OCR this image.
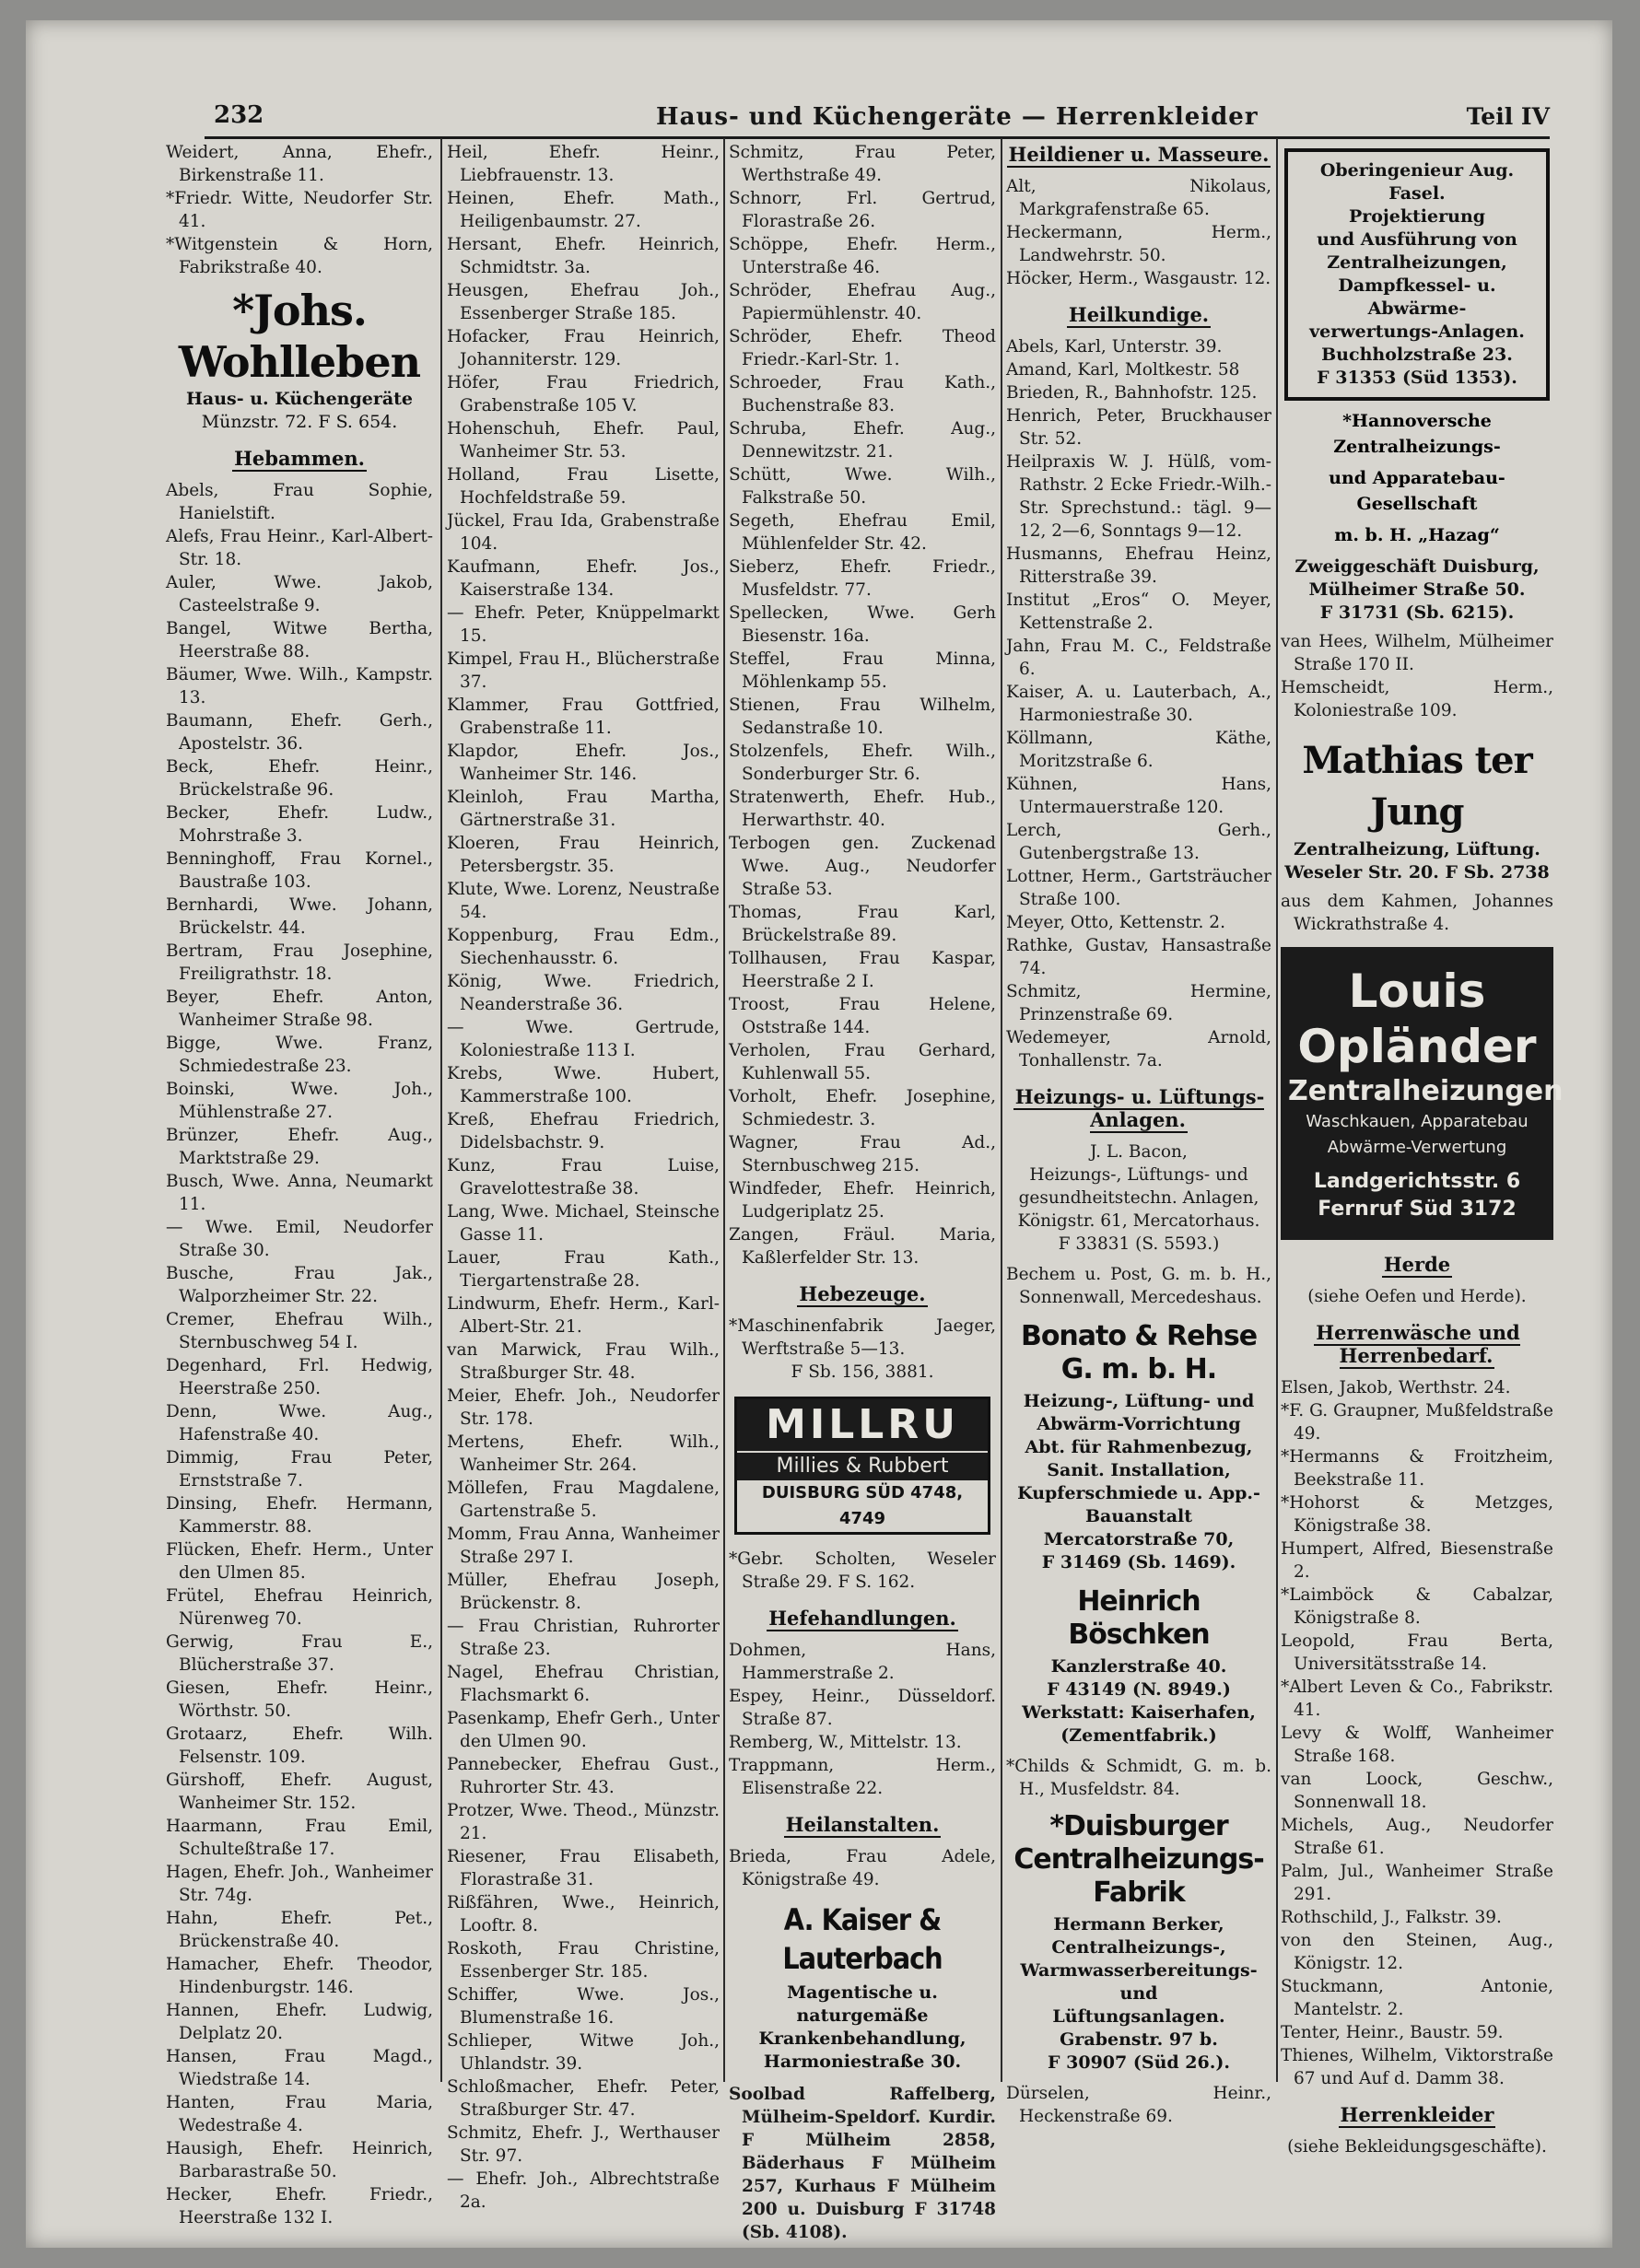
232	Haus- und Küchengeräte — Herrenkleider	Teil IV

Weidert, Anna, Ehefr., Birkenstraße 11.

*Friedr. Witte, Neudorfer Str. 41.

*Witgenstein & Horn, Fabrikstraße 40.

*Johs. Wohlleben

Haus- u. Küchengeräte

Münzstr. 72. F S. 654.

Hebammen.

Abels, Frau Sophie, Hanielstift.

Alefs, Frau Heinr., Karl-Albert-Str. 18.

Auler, Wwe. Jakob, Casteelstraße 9.

Bangel, Witwe Bertha, Heerstraße 88.

Bäumer, Wwe. Wilh., Kampstr. 13.

Baumann, Ehefr. Gerh., Apostelstr. 36.

Beck, Ehefr. Heinr., Brückelstraße 96.

Becker, Ehefr. Ludw., Mohrstraße 3.

Benninghoff, Frau Kornel., Baustraße 103.

Bernhardi, Wwe. Johann, Brückelstr. 44.

Bertram, Frau Josephine, Freiligrathstr. 18.

Beyer, Ehefr. Anton, Wanheimer Straße 98.

Bigge, Wwe. Franz, Schmiedestraße 23.

Boinski, Wwe. Joh., Mühlenstraße 27.

Brünzer, Ehefr. Aug., Marktstraße 29.

Busch, Wwe. Anna, Neumarkt 11.

— Wwe. Emil, Neudorfer Straße 30.

Busche, Frau Jak., Walporzheimer Str. 22.

Cremer, Ehefrau Wilh., Sternbuschweg 54 I.

Degenhard, Frl. Hedwig, Heerstraße 250.

Denn, Wwe. Aug., Hafenstraße 40.

Dimmig, Frau Peter, Ernststraße 7.

Dinsing, Ehefr. Hermann, Kammerstr. 88.

Flücken, Ehefr. Herm., Unter den Ulmen 85.

Frütel, Ehefrau Heinrich, Nürenweg 70.

Gerwig, Frau E., Blücherstraße 37.

Giesen, Ehefr. Heinr., Wörthstr. 50.

Grotaarz, Ehefr. Wilh. Felsenstr. 109.

Gürshoff, Ehefr. August, Wanheimer Str. 152.

Haarmann, Frau Emil, Schulteßtraße 17.

Hagen, Ehefr. Joh., Wanheimer Str. 74g.

Hahn, Ehefr. Pet., Brückenstraße 40.

Hamacher, Ehefr. Theodor, Hindenburgstr. 146.

Hannen, Ehefr. Ludwig, Delplatz 20.

Hansen, Frau Magd., Wiedstraße 14.

Hanten, Frau Maria, Wedestraße 4.

Hausigh, Ehefr. Heinrich, Barbarastraße 50.

Hecker, Ehefr. Friedr., Heerstraße 132 I.

Heil, Ehefr. Heinr., Liebfrauenstr. 13.

Heinen, Ehefr. Math., Heiligenbaumstr. 27.

Hersant, Ehefr. Heinrich, Schmidtstr. 3a.

Heusgen, Ehefrau Joh., Essenberger Straße 185.

Hofacker, Frau Heinrich, Johanniterstr. 129.

Höfer, Frau Friedrich, Grabenstraße 105 V.

Hohenschuh, Ehefr. Paul, Wanheimer Str. 53.

Holland, Frau Lisette, Hochfeldstraße 59.

Jückel, Frau Ida, Grabenstraße 104.

Kaufmann, Ehefr. Jos., Kaiserstraße 134.

— Ehefr. Peter, Knüppelmarkt 15.

Kimpel, Frau H., Blücherstraße 37.

Klammer, Frau Gottfried, Grabenstraße 11.

Klapdor, Ehefr. Jos., Wanheimer Str. 146.

Kleinloh, Frau Martha, Gärtnerstraße 31.

Kloeren, Frau Heinrich, Petersbergstr. 35.

Klute, Wwe. Lorenz, Neustraße 54.

Koppenburg, Frau Edm., Siechenhausstr. 6.

König, Wwe. Friedrich, Neanderstraße 36.

— Wwe. Gertrude, Koloniestraße 113 I.

Krebs, Wwe. Hubert, Kammerstraße 100.

Kreß, Ehefrau Friedrich, Didelsbachstr. 9.

Kunz, Frau Luise, Gravelottestraße 38.

Lang, Wwe. Michael, Steinsche Gasse 11.

Lauer, Frau Kath., Tiergartenstraße 28.

Lindwurm, Ehefr. Herm., Karl-Albert-Str. 21.

van Marwick, Frau Wilh., Straßburger Str. 48.

Meier, Ehefr. Joh., Neudorfer Str. 178.

Mertens, Ehefr. Wilh., Wanheimer Str. 264.

Möllefen, Frau Magdalene, Gartenstraße 5.

Momm, Frau Anna, Wanheimer Straße 297 I.

Müller, Ehefrau Joseph, Brückenstr. 8.

— Frau Christian, Ruhrorter Straße 23.

Nagel, Ehefrau Christian, Flachsmarkt 6.

Pasenkamp, Ehefr Gerh., Unter den Ulmen 90.

Pannebecker, Ehefrau Gust., Ruhrorter Str. 43.

Protzer, Wwe. Theod., Münzstr. 21.

Riesener, Frau Elisabeth, Florastraße 31.

Rißfähren, Wwe., Heinrich, Looftr. 8.

Roskoth, Frau Christine, Essenberger Str. 185.

Schiffer, Wwe. Jos., Blumenstraße 16.

Schlieper, Witwe Joh., Uhlandstr. 39.

Schloßmacher, Ehefr. Peter, Straßburger Str. 47.

Schmitz, Ehefr. J., Werthauser Str. 97.

— Ehefr. Joh., Albrechtstraße 2a.

Schmitz, Frau Peter, Werthstraße 49.

Schnorr, Frl. Gertrud, Florastraße 26.

Schöppe, Ehefr. Herm., Unterstraße 46.

Schröder, Ehefrau Aug., Papiermühlenstr. 40.

Schröder, Ehefr. Theod Friedr.-Karl-Str. 1.

Schroeder, Frau Kath., Buchenstraße 83.

Schruba, Ehefr. Aug., Dennewitzstr. 21.

Schütt, Wwe. Wilh., Falkstraße 50.

Segeth, Ehefrau Emil, Mühlenfelder Str. 42.

Sieberz, Ehefr. Friedr., Musfeldstr. 77.

Spellecken, Wwe. Gerh Biesenstr. 16a.

Steffel, Frau Minna, Möhlenkamp 55.

Stienen, Frau Wilhelm, Sedanstraße 10.

Stolzenfels, Ehefr. Wilh., Sonderburger Str. 6.

Stratenwerth, Ehefr. Hub., Herwarthstr. 40.

Terbogen gen. Zuckenad Wwe. Aug., Neudorfer Straße 53.

Thomas, Frau Karl, Brückelstraße 89.

Tollhausen, Frau Kaspar, Heerstraße 2 I.

Troost, Frau Helene, Oststraße 144.

Verholen, Frau Gerhard, Kuhlenwall 55.

Vorholt, Ehefr. Josephine, Schmiedestr. 3.

Wagner, Frau Ad., Sternbuschweg 215.

Windfeder, Ehefr. Heinrich, Ludgeriplatz 25.

Zangen, Fräul. Maria, Kaßlerfelder Str. 13.

Hebezeuge.

*Maschinenfabrik Jaeger, Werftstraße 5—13.

F Sb. 156, 3881.

MILLRU
Millies & Rubbert
DUISBURG SÜD 4748, 4749

*Gebr. Scholten, Weseler Straße 29. F S. 162.

Hefehandlungen.

Dohmen, Hans, Hammerstraße 2.

Espey, Heinr., Düsseldorf. Straße 87.

Remberg, W., Mittelstr. 13.

Trappmann, Herm., Elisenstraße 22.

Heilanstalten.

Brieda, Frau Adele, Königstraße 49.

A. Kaiser & Lauterbach

Magentische u. naturgemäße

Krankenbehandlung,

Harmoniestraße 30.

Soolbad Raffelberg, Mülheim-Speldorf. Kurdir. F Mülheim 2858, Bäderhaus F Mülheim 257, Kurhaus F Mülheim 200 u. Duisburg F 31748 (Sb. 4108).

Heildiener u. Masseure.

Alt, Nikolaus, Markgrafenstraße 65.

Heckermann, Herm., Landwehrstr. 50.

Höcker, Herm., Wasgaustr. 12.

Heilkundige.

Abels, Karl, Unterstr. 39.

Amand, Karl, Moltkestr. 58

Brieden, R., Bahnhofstr. 125.

Henrich, Peter, Bruckhauser Str. 52.

Heilpraxis W. J. Hülß, vom-Rathstr. 2 Ecke Friedr.-Wilh.-Str. Sprechstund.: tägl. 9—12, 2—6, Sonntags 9—12.

Husmanns, Ehefrau Heinz, Ritterstraße 39.

Institut „Eros“ O. Meyer, Kettenstraße 2.

Jahn, Frau M. C., Feldstraße 6.

Kaiser, A. u. Lauterbach, A., Harmoniestraße 30.

Köllmann, Käthe, Moritzstraße 6.

Kühnen, Hans, Untermauerstraße 120.

Lerch, Gerh., Gutenbergstraße 13.

Lottner, Herm., Gartsträucher Straße 100.

Meyer, Otto, Kettenstr. 2.

Rathke, Gustav, Hansastraße 74.

Schmitz, Hermine, Prinzenstraße 69.

Wedemeyer, Arnold, Tonhallenstr. 7a.

Heizungs- u. Lüftungs-Anlagen.

J. L. Bacon,

Heizungs-, Lüftungs- und gesundheitstechn. Anlagen,

Königstr. 61, Mercatorhaus.

F 33831 (S. 5593.)

Bechem u. Post, G. m. b. H., Sonnenwall, Mercedeshaus.

Bonato & Rehse G. m. b. H.

Heizung-, Lüftung- und Abwärm-Vorrichtung

Abt. für Rahmenbezug, Sanit. Installation, Kupferschmiede u. App.-Bauanstalt

Mercatorstraße 70,

F 31469 (Sb. 1469).

Heinrich Böschken

Kanzlerstraße 40.

F 43149 (N. 8949.)

Werkstatt: Kaiserhafen,

(Zementfabrik.)

*Childs & Schmidt, G. m. b. H., Musfeldstr. 84.

*Duisburger Centralheizungs-Fabrik

Hermann Berker,

Centralheizungs-,

Warmwasserbereitungs- und

Lüftungsanlagen.

Grabenstr. 97 b.

F 30907 (Süd 26.).

Dürselen, Heinr., Heckenstraße 69.

Oberingenieur Aug. Fasel.

Projektierung

und Ausführung von

Zentralheizungen,

Dampfkessel- u. Abwärme-

verwertungs-Anlagen.

Buchholzstraße 23.

F 31353 (Süd 1353).

*Hannoversche Zentralheizungs-

und Apparatebau-Gesellschaft

m. b. H. „Hazag“

Zweiggeschäft Duisburg,

Mülheimer Straße 50.

F 31731 (Sb. 6215).

van Hees, Wilhelm, Mülheimer Straße 170 II.

Hemscheidt, Herm., Koloniestraße 109.

Mathias ter Jung

Zentralheizung, Lüftung.

Weseler Str. 20. F Sb. 2738

aus dem Kahmen, Johannes Wickrathstraße 4.

Louis Opländer
Zentralheizungen
Waschkauen, Apparatebau
Abwärme-Verwertung
Landgerichtsstr. 6
Fernruf Süd 3172
Herde

(siehe Oefen und Herde).

Herrenwäsche und Herrenbedarf.

Elsen, Jakob, Werthstr. 24.

*F. G. Graupner, Mußfeldstraße 49.

*Hermanns & Froitzheim, Beekstraße 11.

*Hohorst & Metzges, Königstraße 38.

Humpert, Alfred, Biesenstraße 2.

*Laimböck & Cabalzar, Königstraße 8.

Leopold, Frau Berta, Universitätsstraße 14.

*Albert Leven & Co., Fabrikstr. 41.

Levy & Wolff, Wanheimer Straße 168.

van Loock, Geschw., Sonnenwall 18.

Michels, Aug., Neudorfer Straße 61.

Palm, Jul., Wanheimer Straße 291.

Rothschild, J., Falkstr. 39.

von den Steinen, Aug., Königstr. 12.

Stuckmann, Antonie, Mantelstr. 2.

Tenter, Heinr., Baustr. 59.

Thienes, Wilhelm, Viktorstraße 67 und Auf d. Damm 38.

Herrenkleider

(siehe Bekleidungsgeschäfte).
